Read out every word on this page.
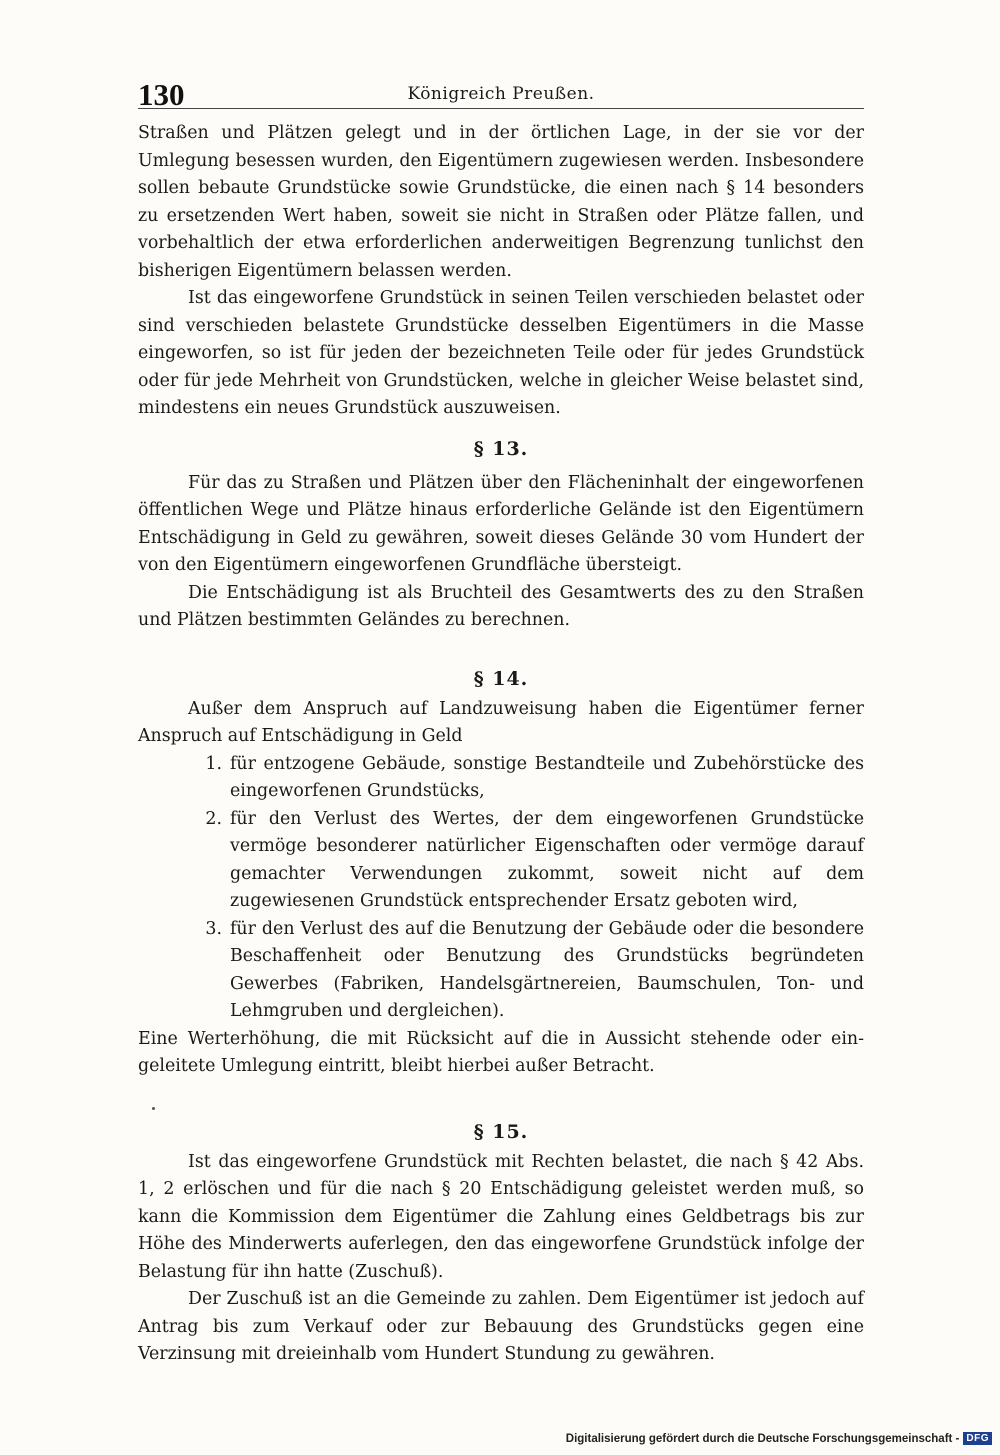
130	Königreich Preußen.

Straßen und Plätzen gelegt und in der örtlichen Lage, in der sie vor der Umlegung besessen wurden, den Eigentümern zugewiesen werden. Insbesondere sollen bebaute Grundstücke sowie Grundstücke, die einen nach § 14 besonders zu ersetzenden Wert haben, soweit sie nicht in Straßen oder Plätze fallen, und vorbehaltlich der etwa erforderlichen anderweitigen Begrenzung tunlichst den bisherigen Eigentümern belassen werden.

Ist das eingeworfene Grundstück in seinen Teilen verschieden belastet oder sind verschieden belastete Grundstücke desselben Eigentümers in die Masse eingeworfen, so ist für jeden der bezeichneten Teile oder für jedes Grundstück oder für jede Mehrheit von Grundstücken, welche in gleicher Weise belastet sind, mindestens ein neues Grundstück auszuweisen.

§ 13.

Für das zu Straßen und Plätzen über den Flächeninhalt der eingeworfenen öffentlichen Wege und Plätze hinaus erforderliche Gelände ist den Eigentümern Entschädigung in Geld zu gewähren, soweit dieses Gelände 30 vom Hundert der von den Eigentümern eingeworfenen Grundfläche übersteigt.

Die Entschädigung ist als Bruchteil des Gesamtwerts des zu den Straßen und Plätzen bestimmten Geländes zu berechnen.

§ 14.

Außer dem Anspruch auf Landzuweisung haben die Eigentümer ferner Anspruch auf Entschädigung in Geld

1. für entzogene Gebäude, sonstige Bestandteile und Zubehörstücke des eingeworfenen Grundstücks,
2. für den Verlust des Wertes, der dem eingeworfenen Grundstücke vermöge besonderer natürlicher Eigenschaften oder vermöge darauf gemachter Verwendungen zukommt, soweit nicht auf dem zugewiesenen Grundstück entsprechender Ersatz geboten wird,
3. für den Verlust des auf die Benutzung der Gebäude oder die besondere Beschaffenheit oder Benutzung des Grundstücks begründeten Gewerbes (Fabriken, Handelsgärtnereien, Baumschulen, Ton- und Lehmgruben und dergleichen).

Eine Werterhöhung, die mit Rücksicht auf die in Aussicht stehende oder eingeleitete Umlegung eintritt, bleibt hierbei außer Betracht.

§ 15.

Ist das eingeworfene Grundstück mit Rechten belastet, die nach § 42 Abs. 1, 2 erlöschen und für die nach § 20 Entschädigung geleistet werden muß, so kann die Kommission dem Eigentümer die Zahlung eines Geldbetrags bis zur Höhe des Minderwerts auferlegen, den das eingeworfene Grundstück infolge der Belastung für ihn hatte (Zuschuß).

Der Zuschuß ist an die Gemeinde zu zahlen. Dem Eigentümer ist jedoch auf Antrag bis zum Verkauf oder zur Bebauung des Grundstücks gegen eine Verzinsung mit dreieinhalb vom Hundert Stundung zu gewähren.

Digitalisierung gefördert durch die Deutsche Forschungsgemeinschaft - DFG
